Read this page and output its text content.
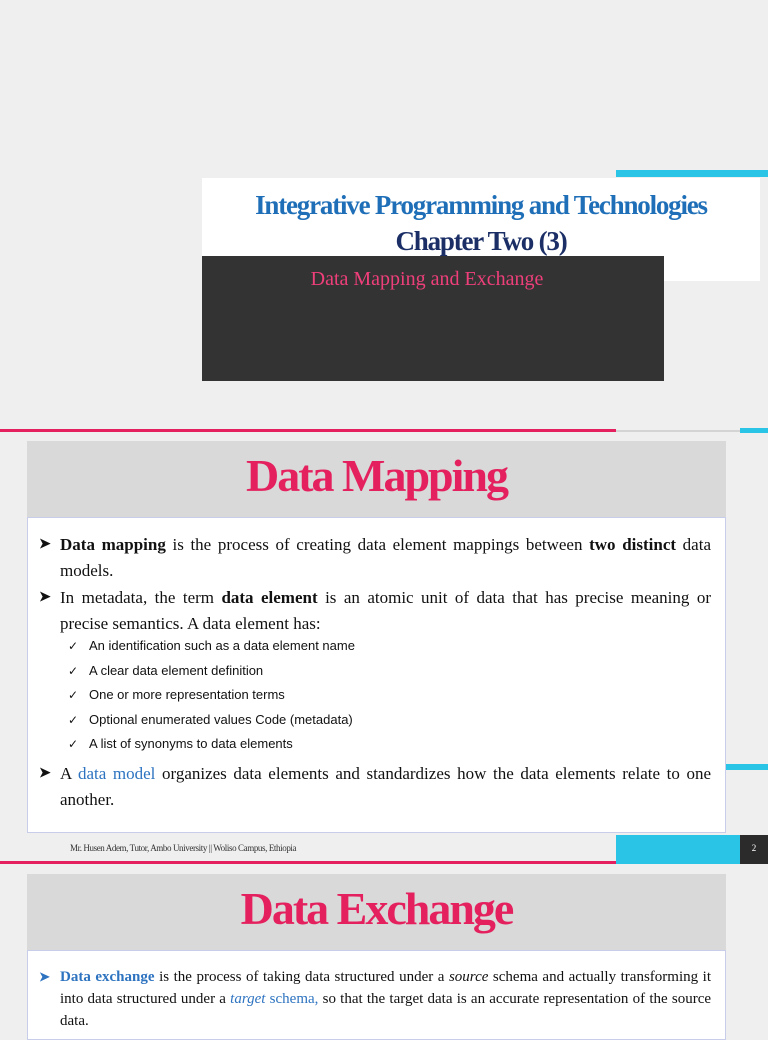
Integrative Programming and Technologies
Chapter Two (3)
Data Mapping and Exchange
Data Mapping
➤ Data mapping is the process of creating data element mappings between two distinct data models.
➤ In metadata, the term data element is an atomic unit of data that has precise meaning or precise semantics. A data element has:
✓ An identification such as a data element name
✓ A clear data element definition
✓ One or more representation terms
✓ Optional enumerated values Code (metadata)
✓ A list of synonyms to data elements
➤ A data model organizes data elements and standardizes how the data elements relate to one another.
Mr. Husen Adem, Tutor, Ambo University || Woliso Campus, Ethiopia	2
Data Exchange
➤ Data exchange is the process of taking data structured under a source schema and actually transforming it into data structured under a target schema, so that the target data is an accurate representation of the source data.
